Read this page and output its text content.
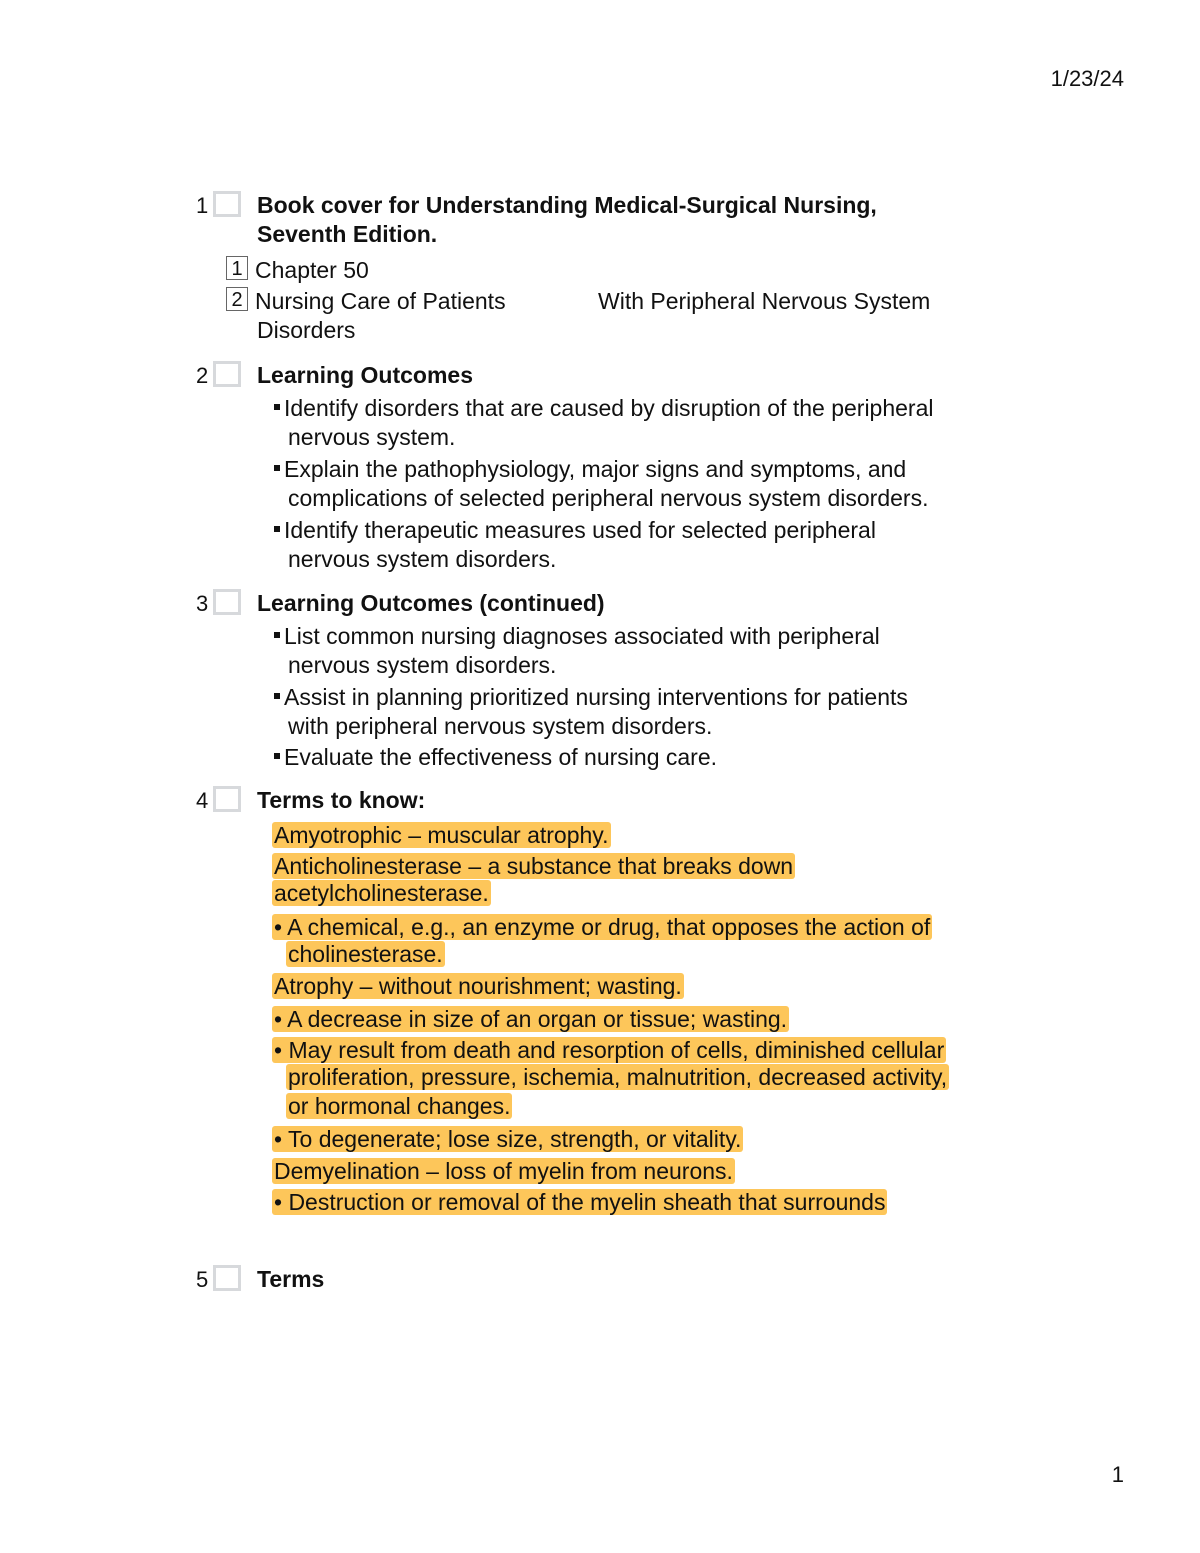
1/23/24
1 Book cover for Understanding Medical-Surgical Nursing,
Seventh Edition.
1 Chapter 50
2 Nursing Care of Patients	With Peripheral Nervous System
Disorders
2 Learning Outcomes
Identify disorders that are caused by disruption of the peripheral
nervous system.
Explain the pathophysiology, major signs and symptoms, and
complications of selected peripheral nervous system disorders.
Identify therapeutic measures used for selected peripheral
nervous system disorders.
3 Learning Outcomes (continued)
List common nursing diagnoses associated with peripheral
nervous system disorders.
Assist in planning prioritized nursing interventions for patients
with peripheral nervous system disorders.
Evaluate the effectiveness of nursing care.
4 Terms to know:
Amyotrophic – muscular atrophy.
Anticholinesterase – a substance that breaks down
acetylcholinesterase.
• A chemical, e.g., an enzyme or drug, that opposes the action of
cholinesterase.
Atrophy – without nourishment; wasting.
• A decrease in size of an organ or tissue; wasting.
• May result from death and resorption of cells, diminished cellular
proliferation, pressure, ischemia, malnutrition, decreased activity,
or hormonal changes.
• To degenerate; lose size, strength, or vitality.
Demyelination – loss of myelin from neurons.
• Destruction or removal of the myelin sheath that surrounds
5 Terms
1
